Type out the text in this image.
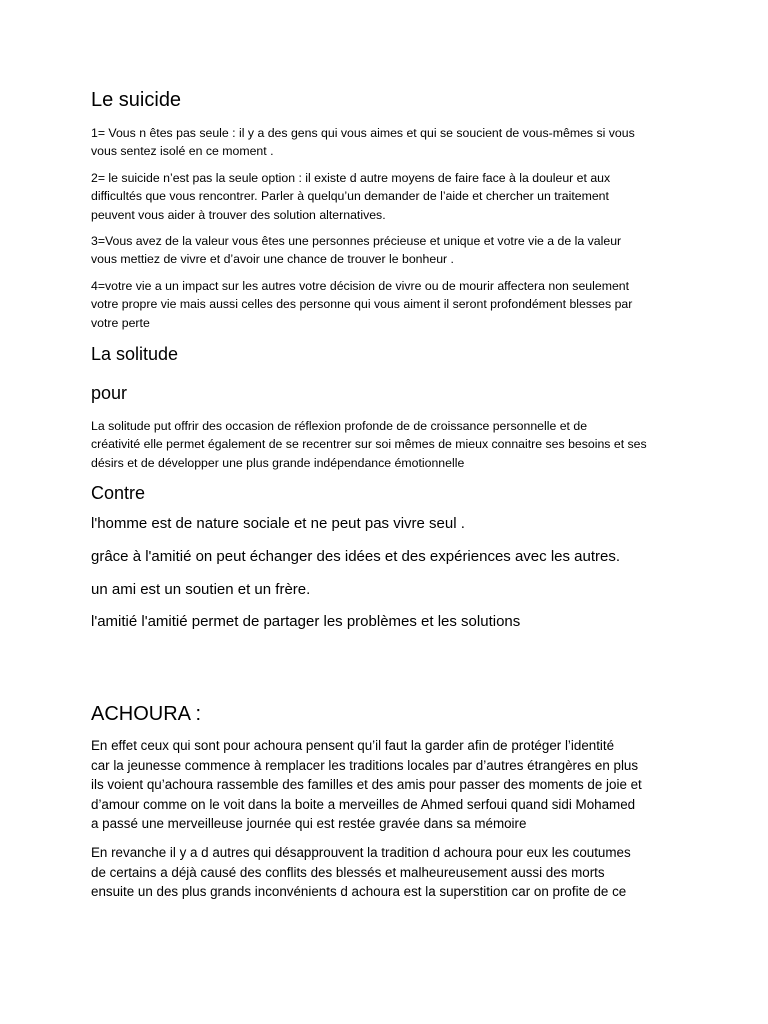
Le suicide
1= Vous n êtes pas seule : il y a des gens qui vous aimes et qui se soucient de vous-mêmes si vous
vous sentez isolé en ce moment .
2= le suicide n’est pas la seule option : il existe d autre moyens de faire face à la douleur et aux
difficultés que vous rencontrer. Parler à quelqu’un demander de l’aide et chercher un traitement
peuvent vous aider à trouver des solution alternatives.
3=Vous avez de la valeur vous êtes une personnes précieuse et unique et votre vie a de la valeur
vous mettiez de vivre et d’avoir une chance de trouver le bonheur .
4=votre vie a un impact sur les autres votre décision de vivre ou de mourir affectera non seulement
votre propre vie mais aussi celles des personne qui vous aiment il seront profondément blesses par
votre perte
La solitude
pour
La solitude put offrir des occasion de réflexion profonde de de croissance personnelle et de
créativité elle permet également de se recentrer sur soi mêmes de mieux connaitre ses besoins et ses
désirs et de développer une plus grande indépendance émotionnelle
Contre
l'homme est de nature sociale et ne peut pas vivre seul .
grâce à l'amitié on peut échanger des idées et des expériences avec les autres.
un ami est un soutien et un frère.
l'amitié l'amitié permet de partager les problèmes et les solutions
ACHOURA :
En effet ceux qui sont pour achoura pensent qu’il faut la garder afin de protéger l’identité
car la jeunesse commence à remplacer les traditions locales par d’autres étrangères en plus
ils voient qu’achoura rassemble des familles et des amis pour passer des moments de joie et
d’amour comme on le voit dans la boite a merveilles de Ahmed serfoui quand sidi Mohamed
a passé une merveilleuse journée qui est restée gravée dans sa mémoire
En revanche il y a d autres qui désapprouvent la tradition d achoura pour eux les coutumes
de certains a déjà causé des conflits des blessés et malheureusement aussi des morts
ensuite un des plus grands inconvénients d achoura est la superstition car on profite de ce
